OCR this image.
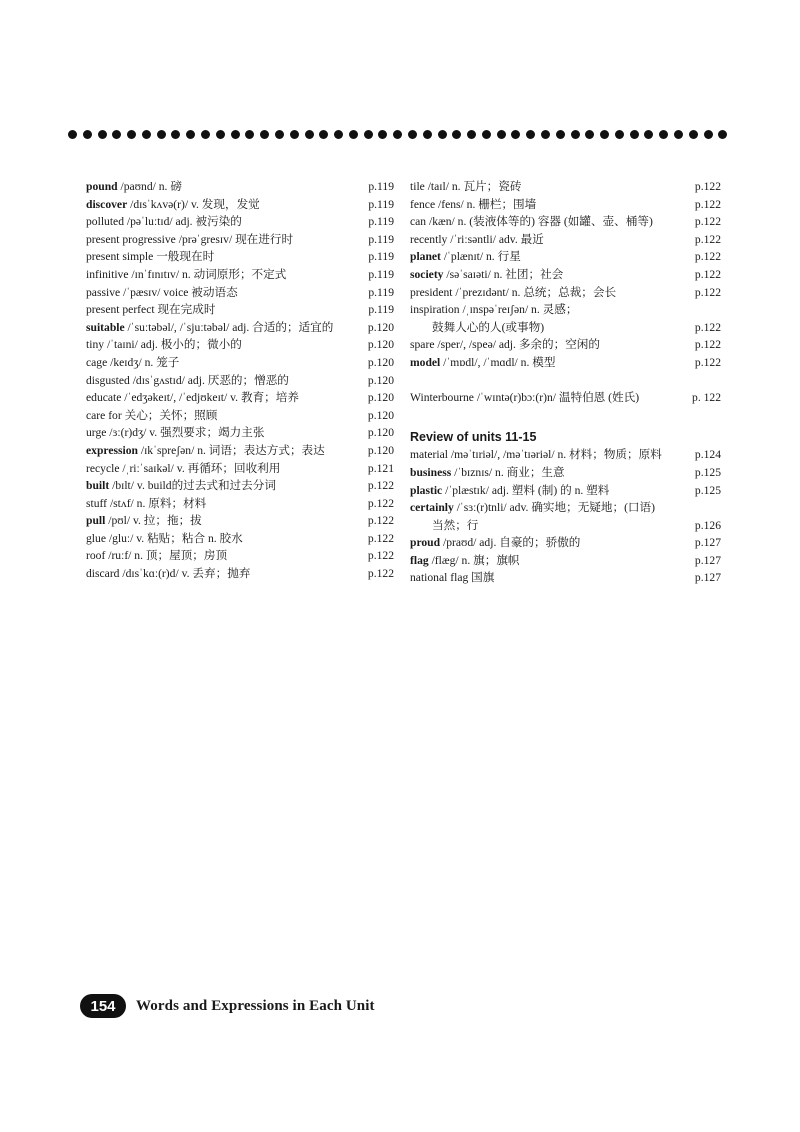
pound /paʊnd/ n. 磅	p.119
discover /dɪsˈkʌvə(r)/ v. 发现，发觉	p.119
polluted /pəˈluːtɪd/ adj. 被污染的	p.119
present progressive /prəˈgresɪv/ 现在进行时	p.119
present simple 一般现在时	p.119
infinitive /ɪnˈfɪnɪtɪv/ n. 动词原形；不定式	p.119
passive /ˈpæsɪv/ voice 被动语态	p.119
present perfect 现在完成时	p.119
suitable /ˈsuːtəbəl/, /ˈsjuːtəbəl/ adj. 合适的；适宜的	p.120
tiny /ˈtaɪni/ adj. 极小的；微小的	p.120
cage /keɪdʒ/ n. 笼子	p.120
disgusted /dɪsˈgʌstɪd/ adj. 厌恶的；憎恶的	p.120
educate /ˈedʒəkeɪt/, /ˈedjʊkeɪt/ v. 教育；培养	p.120
care for 关心；关怀；照顾	p.120
urge /ɜː(r)dʒ/ v. 强烈要求；竭力主张	p.120
expression /ɪkˈspreʃən/ n. 词语；表达方式；表达	p.120
recycle /ˌriːˈsaɪkəl/ v. 再循环；回收利用	p.121
built /bɪlt/ v. build的过去式和过去分词	p.122
stuff /stʌf/ n. 原料；材料	p.122
pull /pʊl/ v. 拉；拖；拔	p.122
glue /gluː/ v. 粘贴；粘合 n. 胶水	p.122
roof /ruːf/ n. 顶；屋顶；房顶	p.122
discard /dɪsˈkɑː(r)d/ v. 丢弃；抛弃	p.122
tile /taɪl/ n. 瓦片；瓷砖	p.122
fence /fens/ n. 栅栏；围墙	p.122
can /kæn/ n. (装液体等的) 容器 (如罐、壶、桶等)	p.122
recently /ˈriːsəntli/ adv. 最近	p.122
planet /ˈplænɪt/ n. 行星	p.122
society /səˈsaɪəti/ n. 社团；社会	p.122
president /ˈprezɪdənt/ n. 总统；总裁；会长	p.122
inspiration /ˌɪnspəˈreɪʃən/ n. 灵感；
鼓舞人心的人(或事物)	p.122
spare /sper/, /speə/ adj. 多余的；空闲的	p.122
model /ˈmɒdl/, /ˈmɑdl/ n. 模型	p.122
Winterbourne /ˈwɪntə(r)bɔː(r)n/ 温特伯恩 (姓氏)	p. 122
Review of units 11-15
material /məˈtɪriəl/, /məˈtɪəriəl/ n. 材料；物质；原料	p.124
business /ˈbɪznɪs/ n. 商业；生意	p.125
plastic /ˈplæstɪk/ adj. 塑料 (制) 的 n. 塑料	p.125
certainly /ˈsɜː(r)tnli/ adv. 确实地；无疑地；(口语)
当然；行	p.126
proud /praʊd/ adj. 自豪的；骄傲的	p.127
flag /flæg/ n. 旗；旗帜	p.127
national flag 国旗	p.127
154	Words and Expressions in Each Unit
